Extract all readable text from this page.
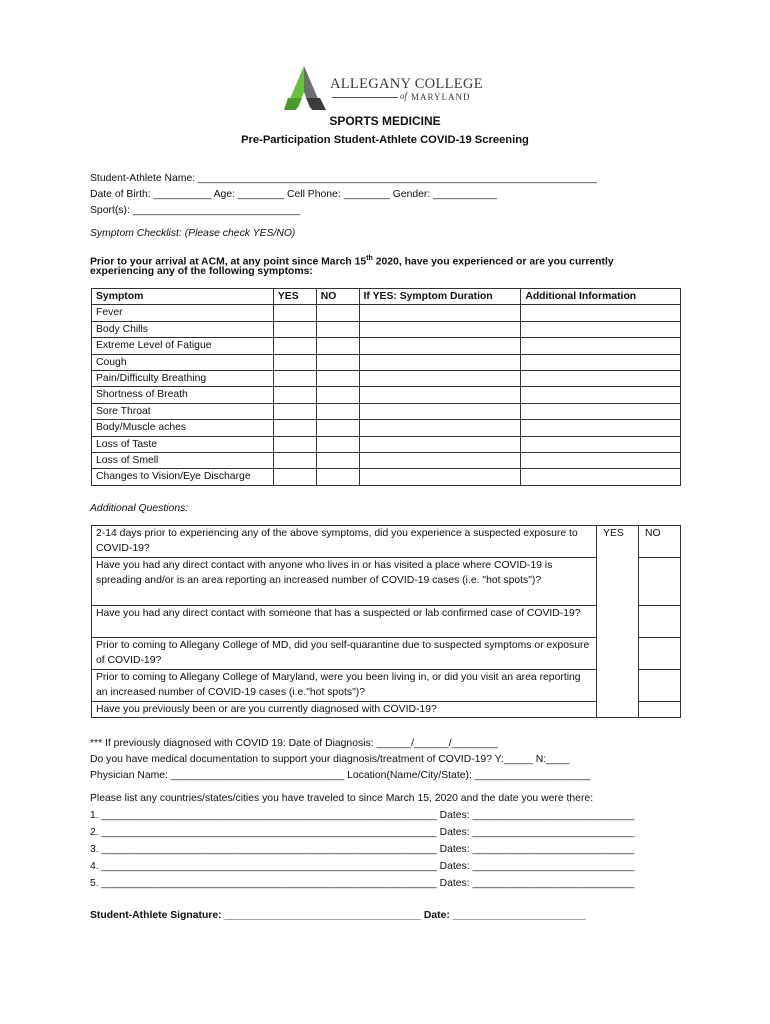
ALLEGANY COLLEGE
of MARYLAND
SPORTS MEDICINE
Pre-Participation Student-Athlete COVID-19 Screening
Student-Athlete Name: _____________________________________________________________________
Date of Birth: __________ Age: ________ Cell Phone: ________ Gender: ___________
Sport(s): _____________________________
Symptom Checklist: (Please check YES/NO)
Prior to your arrival at ACM, at any point since March 15th 2020, have you experienced or are you currently
experiencing any of the following symptoms:
Symptom	YES	NO	If YES: Symptom Duration	Additional Information
Fever				
Body Chills				
Extreme Level of Fatigue				
Cough				
Pain/Difficulty Breathing				
Shortness of Breath				
Sore Throat				
Body/Muscle aches				
Loss of Taste				
Loss of Smell				
Changes to Vision/Eye Discharge				
Additional Questions:
2-14 days prior to experiencing any of the above symptoms, did you experience a suspected exposure to COVID-19?	YES	NO
Have you had any direct contact with anyone who lives in or has visited a place where COVID-19 is spreading and/or is an area reporting an increased number of COVID-19 cases (i.e. "hot spots")?		
Have you had any direct contact with someone that has a suspected or lab confirmed case of COVID-19?		
Prior to coming to Allegany College of MD, did you self-quarantine due to suspected symptoms or exposure of COVID-19?		
Prior to coming to Allegany College of Maryland, were you been living in, or did you visit an area reporting an increased number of COVID-19 cases (i.e."hot spots")?		
Have you previously been or are you currently diagnosed with COVID-19?		
*** If previously diagnosed with COVID 19: Date of Diagnosis: ______/______/________
Do you have medical documentation to support your diagnosis/treatment of COVID-19? Y:_____ N:____
Physician Name: ______________________________ Location(Name/City/State): ____________________
Please list any countries/states/cities you have traveled to since March 15, 2020 and the date you were there:
1. __________________________________________________________ Dates: ____________________________
2. __________________________________________________________ Dates: ____________________________
3. __________________________________________________________ Dates: ____________________________
4. __________________________________________________________ Dates: ____________________________
5. __________________________________________________________ Dates: ____________________________
Student-Athlete Signature: __________________________________ Date: _______________________
